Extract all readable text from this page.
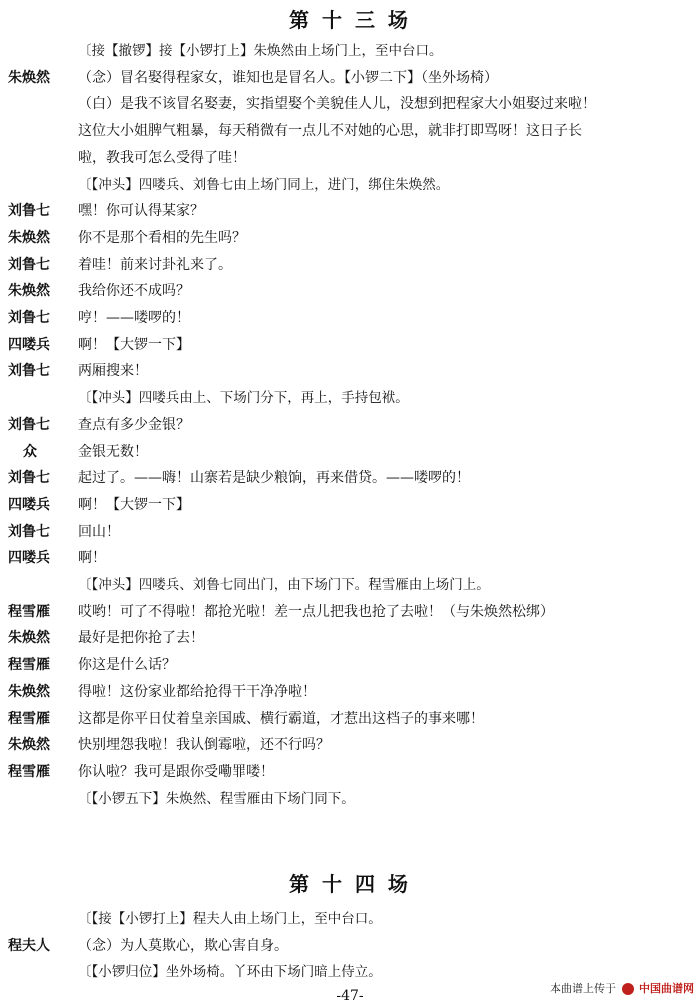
第 十 三 场
〔接【撤锣】接【小锣打上】朱焕然由上场门上，至中台口。
朱焕然	（念）冒名娶得程家女，谁知也是冒名人。【小锣二下】（坐外场椅）
（白）是我不该冒名娶妻，实指望娶个美貌佳人儿，没想到把程家大小姐娶过来啦！
这位大小姐脾气粗暴，每天稍微有一点儿不对她的心思，就非打即骂呀！这日子长
啦，教我可怎么受得了哇！
〔【冲头】四喽兵、刘鲁七由上场门同上，进门，绑住朱焕然。
刘鲁七	嘿！你可认得某家？
朱焕然	你不是那个看相的先生吗？
刘鲁七	着哇！前来讨卦礼来了。
朱焕然	我给你还不成吗？
刘鲁七	哼！——喽啰的！
四喽兵	啊！【大锣一下】
刘鲁七	两厢搜来！
〔【冲头】四喽兵由上、下场门分下，再上，手持包袱。
刘鲁七	查点有多少金银？
众	金银无数！
刘鲁七	起过了。——嗨！山寨若是缺少粮饷，再来借贷。——喽啰的！
四喽兵	啊！【大锣一下】
刘鲁七	回山！
四喽兵	啊！
〔【冲头】四喽兵、刘鲁七同出门，由下场门下。程雪雁由上场门上。
程雪雁	哎哟！可了不得啦！都抢光啦！差一点儿把我也抢了去啦！（与朱焕然松绑）
朱焕然	最好是把你抢了去！
程雪雁	你这是什么话？
朱焕然	得啦！这份家业都给抢得干干净净啦！
程雪雁	这都是你平日仗着皇亲国戚、横行霸道，才惹出这档子的事来哪！
朱焕然	快别埋怨我啦！我认倒霉啦，还不行吗？
程雪雁	你认啦？我可是跟你受嘞罪喽！
〔【小锣五下】朱焕然、程雪雁由下场门同下。
第 十 四 场
〔【接【小锣打上】程夫人由上场门上，至中台口。
程夫人	（念）为人莫欺心，欺心害自身。
〔【小锣归位】坐外场椅。丫环由下场门暗上侍立。
-47-	本曲谱上传于 中国曲谱网
